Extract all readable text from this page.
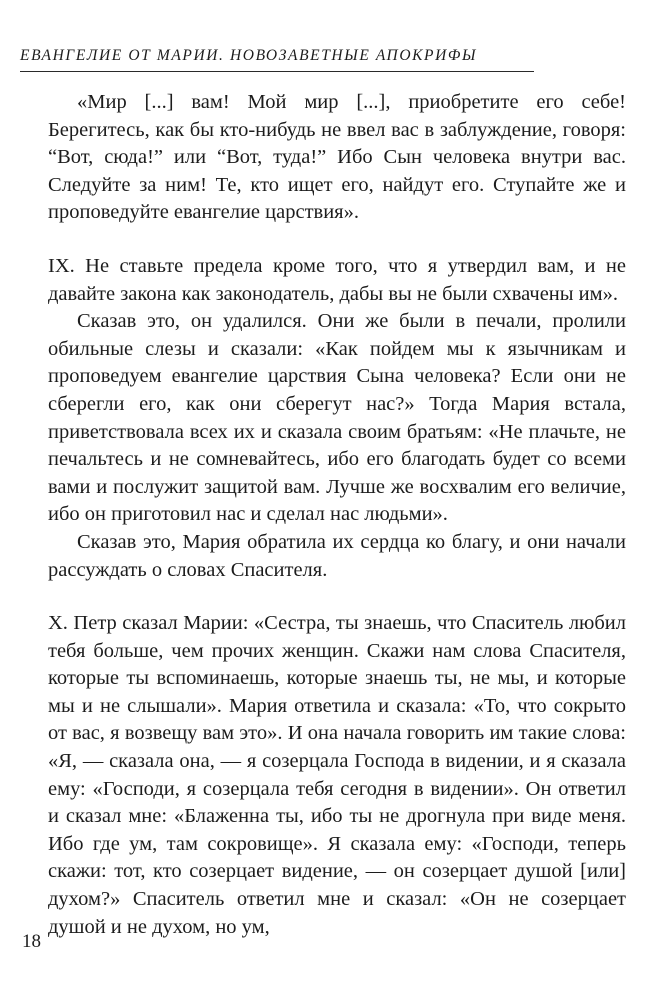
ЕВАНГЕЛИЕ ОТ МАРИИ. НОВОЗАВЕТНЫЕ АПОКРИФЫ

«Мир [...] вам! Мой мир [...], приобретите его себе! Берегитесь, как бы кто-нибудь не ввел вас в заблуждение, говоря: “Вот, сюда!” или “Вот, туда!” Ибо Сын человека внутри вас. Следуйте за ним! Те, кто ищет его, найдут его. Ступайте же и проповедуйте евангелие царствия».

IX. Не ставьте предела кроме того, что я утвердил вам, и не давайте закона как законодатель, дабы вы не были схвачены им».

Сказав это, он удалился. Они же были в печали, пролили обильные слезы и сказали: «Как пойдем мы к язычникам и проповедуем евангелие царствия Сына человека? Если они не сберегли его, как они сберегут нас?» Тогда Мария встала, приветствовала всех их и сказала своим братьям: «Не плачьте, не печальтесь и не сомневайтесь, ибо его благодать будет со всеми вами и послужит защитой вам. Лучше же восхвалим его величие, ибо он приготовил нас и сделал нас людьми».

Сказав это, Мария обратила их сердца ко благу, и они начали рассуждать о словах Спасителя.

X. Петр сказал Марии: «Сестра, ты знаешь, что Спаситель любил тебя больше, чем прочих женщин. Скажи нам слова Спасителя, которые ты вспоминаешь, которые знаешь ты, не мы, и которые мы и не слышали». Мария ответила и сказала: «То, что сокрыто от вас, я возвещу вам это». И она начала говорить им такие слова: «Я, — сказала она, — я созерцала Господа в видении, и я сказала ему: «Господи, я созерцала тебя сегодня в видении». Он ответил и сказал мне: «Блаженна ты, ибо ты не дрогнула при виде меня. Ибо где ум, там сокровище». Я сказала ему: «Господи, теперь скажи: тот, кто созерцает видение, — он созерцает душой [или] духом?» Спаситель ответил мне и сказал: «Он не созерцает душой и не духом, но ум,

18
